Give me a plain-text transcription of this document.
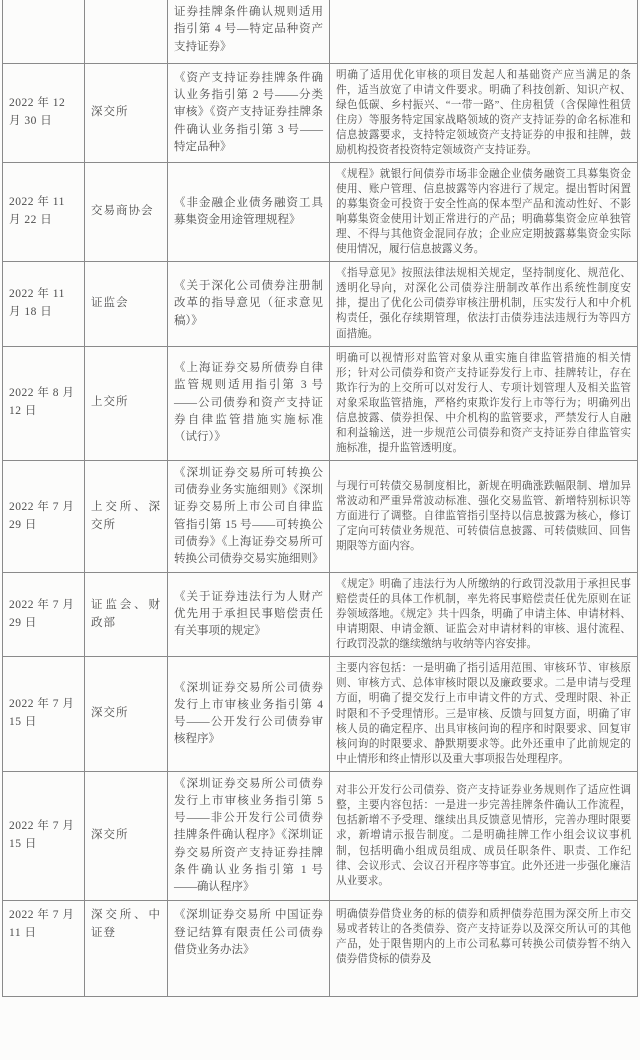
		证券挂牌条件确认规则适用指引第 4 号—特定品种资产支持证券》	
2022 年 12 月 30 日	深交所	《资产支持证券挂牌条件确认业务指引第 2 号——分类审核》《资产支持证券挂牌条件确认业务指引第 3 号——特定品种》	明确了适用优化审核的项目发起人和基础资产应当满足的条件，适当放宽了申请文件要求。明确了科技创新、知识产权、绿色低碳、乡村振兴、“一带一路”、住房租赁（含保障性租赁住房）等服务特定国家战略领域的资产支持证券的命名标准和信息披露要求，支持特定领域资产支持证券的申报和挂牌，鼓励机构投资者投资特定领域资产支持证券。
2022 年 11 月 22 日	交易商协会	《非金融企业债务融资工具募集资金用途管理规程》	《规程》就银行间债券市场非金融企业债务融资工具募集资金使用、账户管理、信息披露等内容进行了规定。提出暂时闲置的募集资金可投资于安全性高的保本型产品和流动性好、不影响募集资金使用计划正常进行的产品；明确募集资金应单独管理、不得与其他资金混同存放；企业应定期披露募集资金实际使用情况，履行信息披露义务。
2022 年 11 月 18 日	证监会	《关于深化公司债券注册制改革的指导意见（征求意见稿）》	《指导意见》按照法律法规相关规定，坚持制度化、规范化、透明化导向，对深化公司债券注册制改革作出系统性制度安排，提出了优化公司债券审核注册机制，压实发行人和中介机构责任，强化存续期管理，依法打击债券违法违规行为等四方面措施。
2022 年 8 月 12 日	上交所	《上海证券交易所债券自律监管规则适用指引第 3 号——公司债券和资产支持证券自律监管措施实施标准（试行）》	明确可以视情形对监管对象从重实施自律监管措施的相关情形；针对公司债券和资产支持证券发行上市、挂牌转让，存在欺诈行为的上交所可以对发行人、专项计划管理人及相关监管对象采取监管措施，严格约束欺诈发行上市等行为；明确列出信息披露、债券担保、中介机构的监管要求，严禁发行人自融和利益输送，进一步规范公司债券和资产支持证券自律监管实施标准，提升监管透明度。
2022 年 7 月 29 日	上交所、深交所	《深圳证券交易所可转换公司债券业务实施细则》《深圳证券交易所上市公司自律监管指引第 15 号——可转换公司债券》《上海证券交易所可转换公司债券交易实施细则》	与现行可转债交易制度相比，新规在明确涨跌幅限制、增加异常波动和严重异常波动标准、强化交易监管、新增特别标识等方面进行了调整。自律监管指引坚持以信息披露为核心，修订了定向可转债业务规范、可转债信息披露、可转债赎回、回售期限等方面内容。
2022 年 7 月 29 日	证监会、财政部	《关于证券违法行为人财产优先用于承担民事赔偿责任有关事项的规定》	《规定》明确了违法行为人所缴纳的行政罚没款用于承担民事赔偿责任的具体工作机制，率先将民事赔偿责任优先原则在证券领域落地。《规定》共十四条，明确了申请主体、申请材料、申请期限、申请金额、证监会对申请材料的审核、退付流程、行政罚没款的继续缴纳与收纳等内容安排。
2022 年 7 月 15 日	深交所	《深圳证券交易所公司债券发行上市审核业务指引第 4 号——公开发行公司债券审核程序》	主要内容包括：一是明确了指引适用范围、审核环节、审核原则、审核方式、总体审核时限以及廉政要求。二是申请与受理方面，明确了提交发行上市申请文件的方式、受理时限、补正时限和不予受理情形。三是审核、反馈与回复方面，明确了审核人员的确定程序、出具审核问询的程序和时限要求、回复审核问询的时限要求、静默期要求等。此外还重申了此前规定的中止情形和终止情形以及重大事项报告处理程序。
2022 年 7 月 15 日	深交所	《深圳证券交易所公司债券发行上市审核业务指引第 5 号——非公开发行公司债券挂牌条件确认程序》《深圳证券交易所资产支持证券挂牌条件确认业务指引第 1 号——确认程序》	对非公开发行公司债券、资产支持证券业务规则作了适应性调整，主要内容包括：一是进一步完善挂牌条件确认工作流程，包括新增不予受理、继续出具反馈意见情形，完善办理时限要求，新增请示报告制度。二是明确挂牌工作小组会议议事机制，包括明确小组成员组成、成员任职条件、职责、工作纪律、会议形式、会议召开程序等事宜。此外还进一步强化廉洁从业要求。
2022 年 7 月 11 日	深交所、中证登	《深圳证券交易所 中国证券登记结算有限责任公司债券借贷业务办法》	明确债券借贷业务的标的债券和质押债券范围为深交所上市交易或者转让的各类债券、资产支持证券以及深交所认可的其他产品，处于限售期内的上市公司私募可转换公司债券暂不纳入债券借贷标的债券及
